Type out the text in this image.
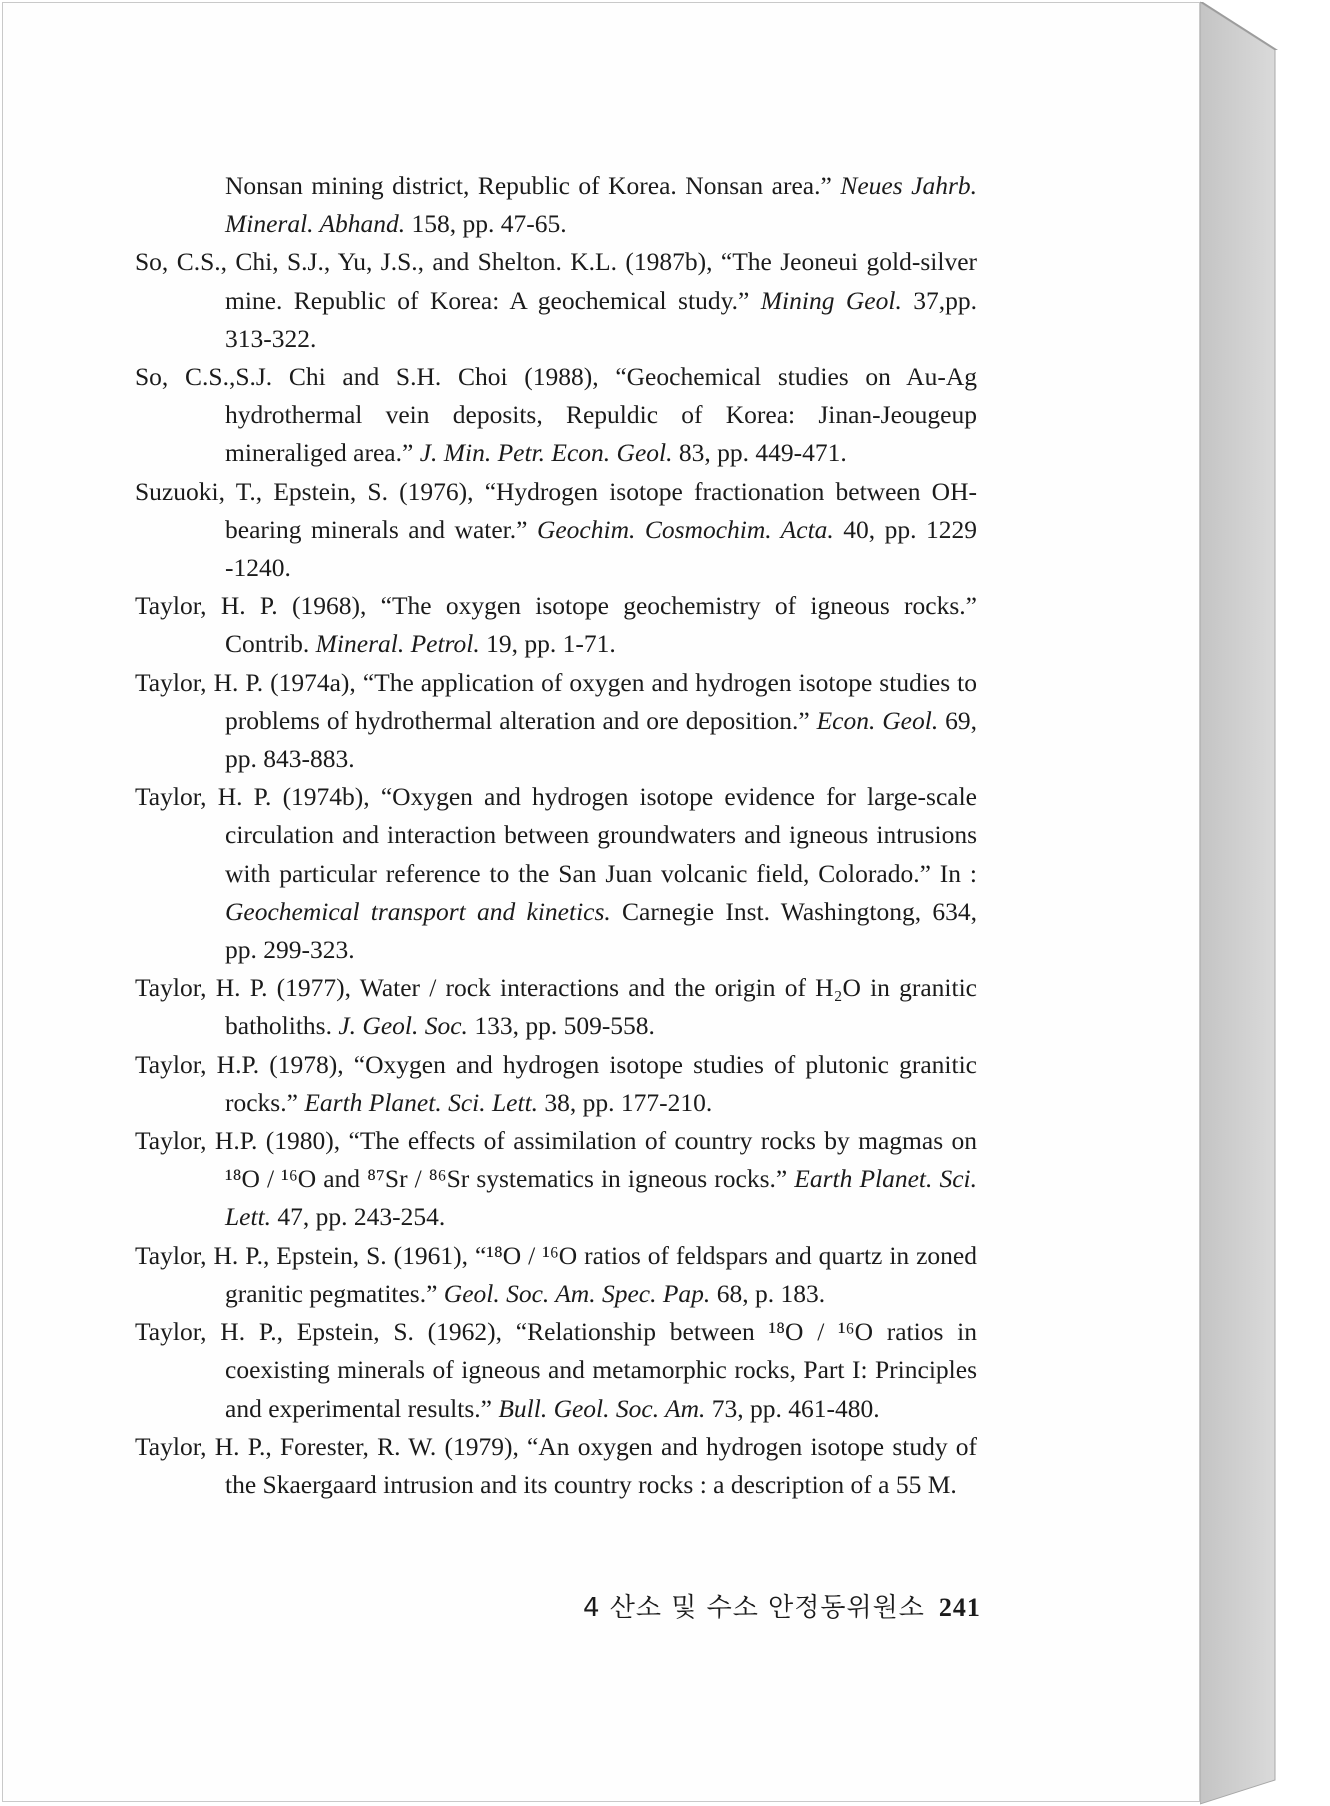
Nonsan mining district, Republic of Korea. Nonsan area.” Neues Jahrb. Mineral. Abhand. 158, pp. 47-65.
So, C.S., Chi, S.J., Yu, J.S., and Shelton. K.L. (1987b), “The Jeoneui gold-silver mine. Republic of Korea: A geochemical study.” Mining Geol. 37,pp. 313-322.
So, C.S.,S.J. Chi and S.H. Choi (1988), “Geochemical studies on Au-Ag hydrothermal vein deposits, Repuldic of Korea: Jinan-Jeougeup mineraliged area.” J. Min. Petr. Econ. Geol. 83, pp. 449-471.
Suzuoki, T., Epstein, S. (1976), “Hydrogen isotope fractionation between OH-bearing minerals and water.” Geochim. Cosmochim. Acta. 40, pp. 1229 -1240.
Taylor, H. P. (1968), “The oxygen isotope geochemistry of igneous rocks.” Contrib. Mineral. Petrol. 19, pp. 1-71.
Taylor, H. P. (1974a), “The application of oxygen and hydrogen isotope studies to problems of hydrothermal alteration and ore deposition.” Econ. Geol. 69, pp. 843-883.
Taylor, H. P. (1974b), “Oxygen and hydrogen isotope evidence for large-scale circulation and interaction between groundwaters and igneous intrusions with particular reference to the San Juan volcanic field, Colorado.” In : Geochemical transport and kinetics. Carnegie Inst. Washingtong, 634, pp. 299-323.
Taylor, H. P. (1977), Water / rock interactions and the origin of H₂O in granitic batholiths. J. Geol. Soc. 133, pp. 509-558.
Taylor, H.P. (1978), “Oxygen and hydrogen isotope studies of plutonic granitic rocks.” Earth Planet. Sci. Lett. 38, pp. 177-210.
Taylor, H.P. (1980), “The effects of assimilation of country rocks by magmas on ¹⁸O / ¹⁶O and ⁸⁷Sr / ⁸⁶Sr systematics in igneous rocks.” Earth Planet. Sci. Lett. 47, pp. 243-254.
Taylor, H. P., Epstein, S. (1961), “¹⁸O / ¹⁶O ratios of feldspars and quartz in zoned granitic pegmatites.” Geol. Soc. Am. Spec. Pap. 68, p. 183.
Taylor, H. P., Epstein, S. (1962), “Relationship between ¹⁸O / ¹⁶O ratios in coexisting minerals of igneous and metamorphic rocks, Part I: Principles and experimental results.” Bull. Geol. Soc. Am. 73, pp. 461-480.
Taylor, H. P., Forester, R. W. (1979), “An oxygen and hydrogen isotope study of the Skaergaard intrusion and its country rocks : a description of a 55 M.
4 산소 및 수소 안정동위원소 241
